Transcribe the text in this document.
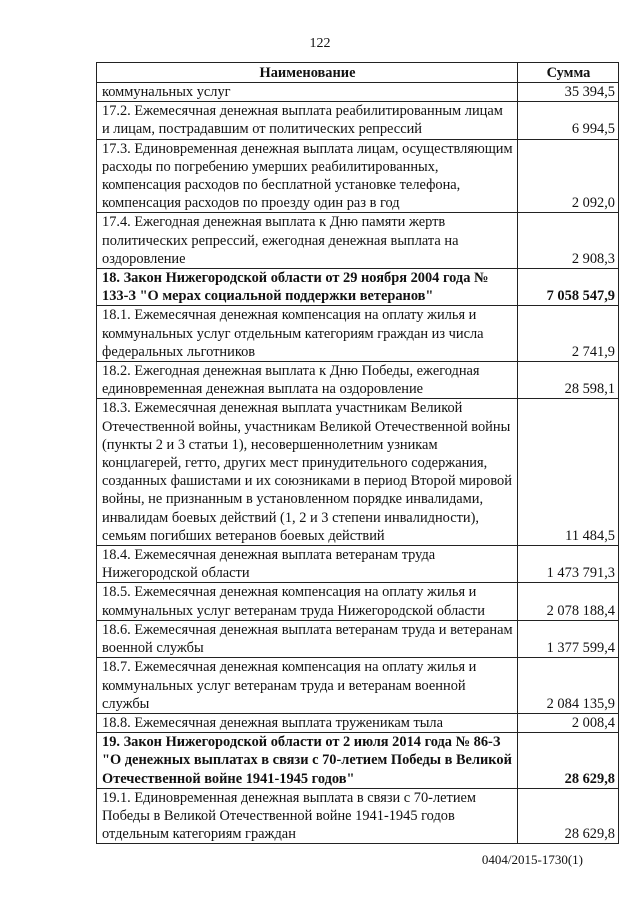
122
Наименование	Сумма
коммунальных услуг	35 394,5
17.2. Ежемесячная денежная выплата реабилитированным лицам и лицам, пострадавшим от политических репрессий	6 994,5
17.3. Единовременная денежная выплата лицам, осуществляющим расходы по погребению умерших реабилитированных, компенсация расходов по бесплатной установке телефона, компенсация расходов по проезду один раз в год	2 092,0
17.4. Ежегодная денежная выплата к Дню памяти жертв политических репрессий, ежегодная денежная выплата на оздоровление	2 908,3
18. Закон Нижегородской области от 29 ноября 2004 года № 133-З "О мерах социальной поддержки ветеранов"	7 058 547,9
18.1. Ежемесячная денежная компенсация на оплату жилья и коммунальных услуг отдельным категориям граждан из числа федеральных льготников	2 741,9
18.2. Ежегодная денежная выплата к Дню Победы, ежегодная единовременная денежная выплата на оздоровление	28 598,1
18.3. Ежемесячная денежная выплата участникам Великой Отечественной войны, участникам Великой Отечественной войны (пункты 2 и 3 статьи 1), несовершеннолетним узникам концлагерей, гетто, других мест принудительного содержания, созданных фашистами и их союзниками в период Второй мировой войны, не признанным в установленном порядке инвалидами, инвалидам боевых действий (1, 2 и 3 степени инвалидности), семьям погибших ветеранов боевых действий	11 484,5
18.4. Ежемесячная денежная выплата ветеранам труда Нижегородской области	1 473 791,3
18.5. Ежемесячная денежная компенсация на оплату жилья и коммунальных услуг ветеранам труда Нижегородской области	2 078 188,4
18.6. Ежемесячная денежная выплата ветеранам труда и ветеранам военной службы	1 377 599,4
18.7. Ежемесячная денежная компенсация на оплату жилья и коммунальных услуг ветеранам труда и ветеранам военной службы	2 084 135,9
18.8. Ежемесячная денежная выплата труженикам тыла	2 008,4
19. Закон Нижегородской области от 2 июля 2014 года № 86-З "О денежных выплатах в связи с 70-летием Победы в Великой Отечественной войне 1941-1945 годов"	28 629,8
19.1. Единовременная денежная выплата в связи с 70-летием Победы в Великой Отечественной войне 1941-1945 годов отдельным категориям граждан	28 629,8
0404/2015-1730(1)
